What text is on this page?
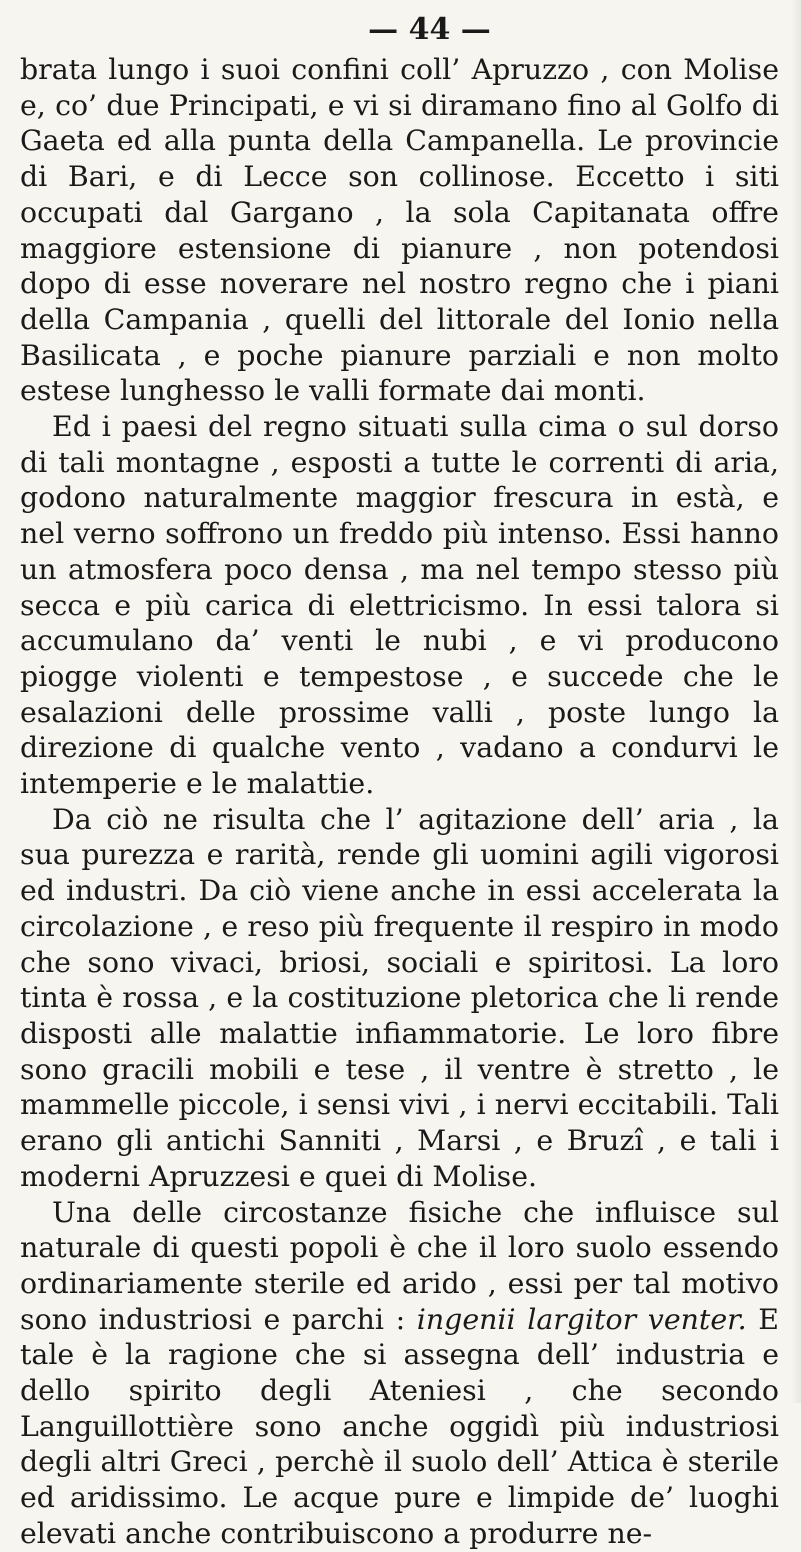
— 44 —

brata lungo i suoi confini coll’ Apruzzo , con Molise e, co’ due Principati, e vi si diramano fino al Golfo di Gaeta ed alla punta della Campanella. Le provincie di Bari, e di Lecce son collinose. Eccetto i siti occupati dal Gargano , la sola Capitanata offre maggiore estensione di pianure , non potendosi dopo di esse noverare nel nostro regno che i piani della Campania , quelli del littorale del Ionio nella Basilicata , e poche pianure parziali e non molto estese lunghesso le valli formate dai monti.

Ed i paesi del regno situati sulla cima o sul dorso di tali montagne , esposti a tutte le correnti di aria, godono naturalmente maggior frescura in està, e nel verno soffrono un freddo più intenso. Essi hanno un atmosfera poco densa , ma nel tempo stesso più secca e più carica di elettricismo. In essi talora si accumulano da’ venti le nubi , e vi producono piogge violenti e tempestose , e succede che le esalazioni delle prossime valli , poste lungo la direzione di qualche vento , vadano a condurvi le intemperie e le malattie.

Da ciò ne risulta che l’ agitazione dell’ aria , la sua purezza e rarità, rende gli uomini agili vigorosi ed industri. Da ciò viene anche in essi accelerata la circolazione , e reso più frequente il respiro in modo che sono vivaci, briosi, sociali e spiritosi. La loro tinta è rossa , e la costituzione pletorica che li rende disposti alle malattie infiammatorie. Le loro fibre sono gracili mobili e tese , il ventre è stretto , le mammelle piccole, i sensi vivi , i nervi eccitabili. Tali erano gli antichi Sanniti , Marsi , e Bruzî , e tali i moderni Apruzzesi e quei di Molise.

Una delle circostanze fisiche che influisce sul naturale di questi popoli è che il loro suolo essendo ordinariamente sterile ed arido , essi per tal motivo sono industriosi e parchi : ingenii largitor venter. E tale è la ragione che si assegna dell’ industria e dello spirito degli Ateniesi , che secondo Languillottière sono anche oggidì più industriosi degli altri Greci , perchè il suolo dell’ Attica è sterile ed aridissimo. Le acque pure e limpide de’ luoghi elevati anche contribuiscono a produrre ne-
